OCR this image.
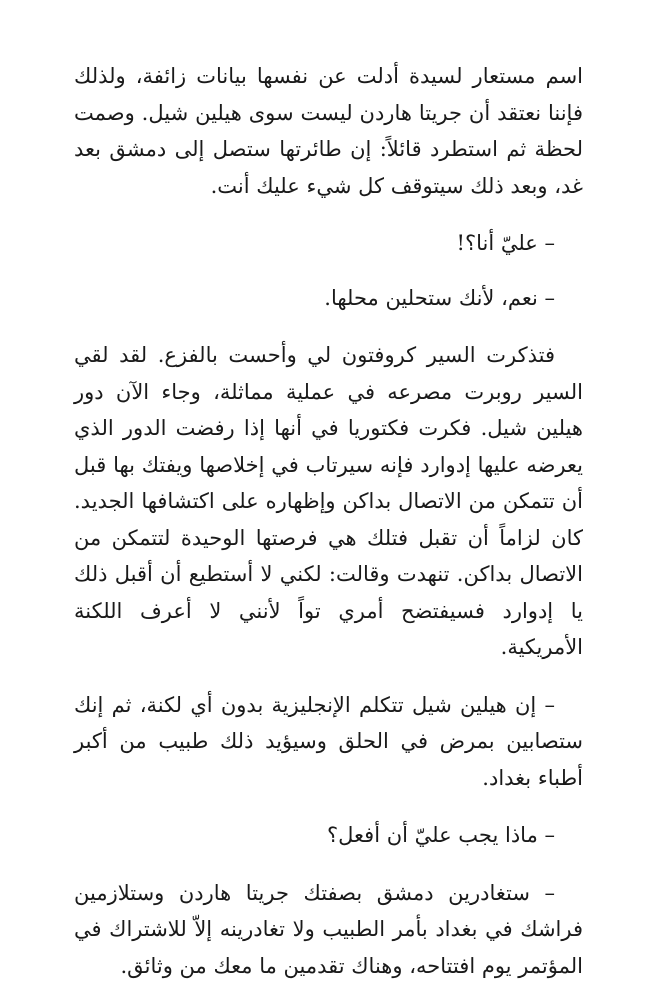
اسم مستعار لسيدة أدلت عن نفسها بيانات زائفة، ولذلك فإننا نعتقد أن جريتا هاردن ليست سوى هيلين شيل. وصمت لحظة ثم استطرد قائلاً: إن طائرتها ستصل إلى دمشق بعد غد، وبعد ذلك سيتوقف كل شيء عليك أنت.

– عليّ أنا؟!

– نعم، لأنك ستحلين محلها.

فتذكرت السير كروفتون لي وأحست بالفزع. لقد لقي السير روبرت مصرعه في عملية مماثلة، وجاء الآن دور هيلين شيل. فكرت فكتوريا في أنها إذا رفضت الدور الذي يعرضه عليها إدوارد فإنه سيرتاب في إخلاصها ويفتك بها قبل أن تتمكن من الاتصال بداكن وإظهاره على اكتشافها الجديد. كان لزاماً أن تقبل فتلك هي فرصتها الوحيدة لتتمكن من الاتصال بداكن. تنهدت وقالت: لكني لا أستطيع أن أقبل ذلك يا إدوارد فسيفتضح أمري تواً لأنني لا أعرف اللكنة الأمريكية.

– إن هيلين شيل تتكلم الإنجليزية بدون أي لكنة، ثم إنك ستصابين بمرض في الحلق وسيؤيد ذلك طبيب من أكبر أطباء بغداد.

– ماذا يجب عليّ أن أفعل؟

– ستغادرين دمشق بصفتك جريتا هاردن وستلازمين فراشك في بغداد بأمر الطبيب ولا تغادرينه إلاّ للاشتراك في المؤتمر يوم افتتاحه، وهناك تقدمين ما معك من وثائق.
